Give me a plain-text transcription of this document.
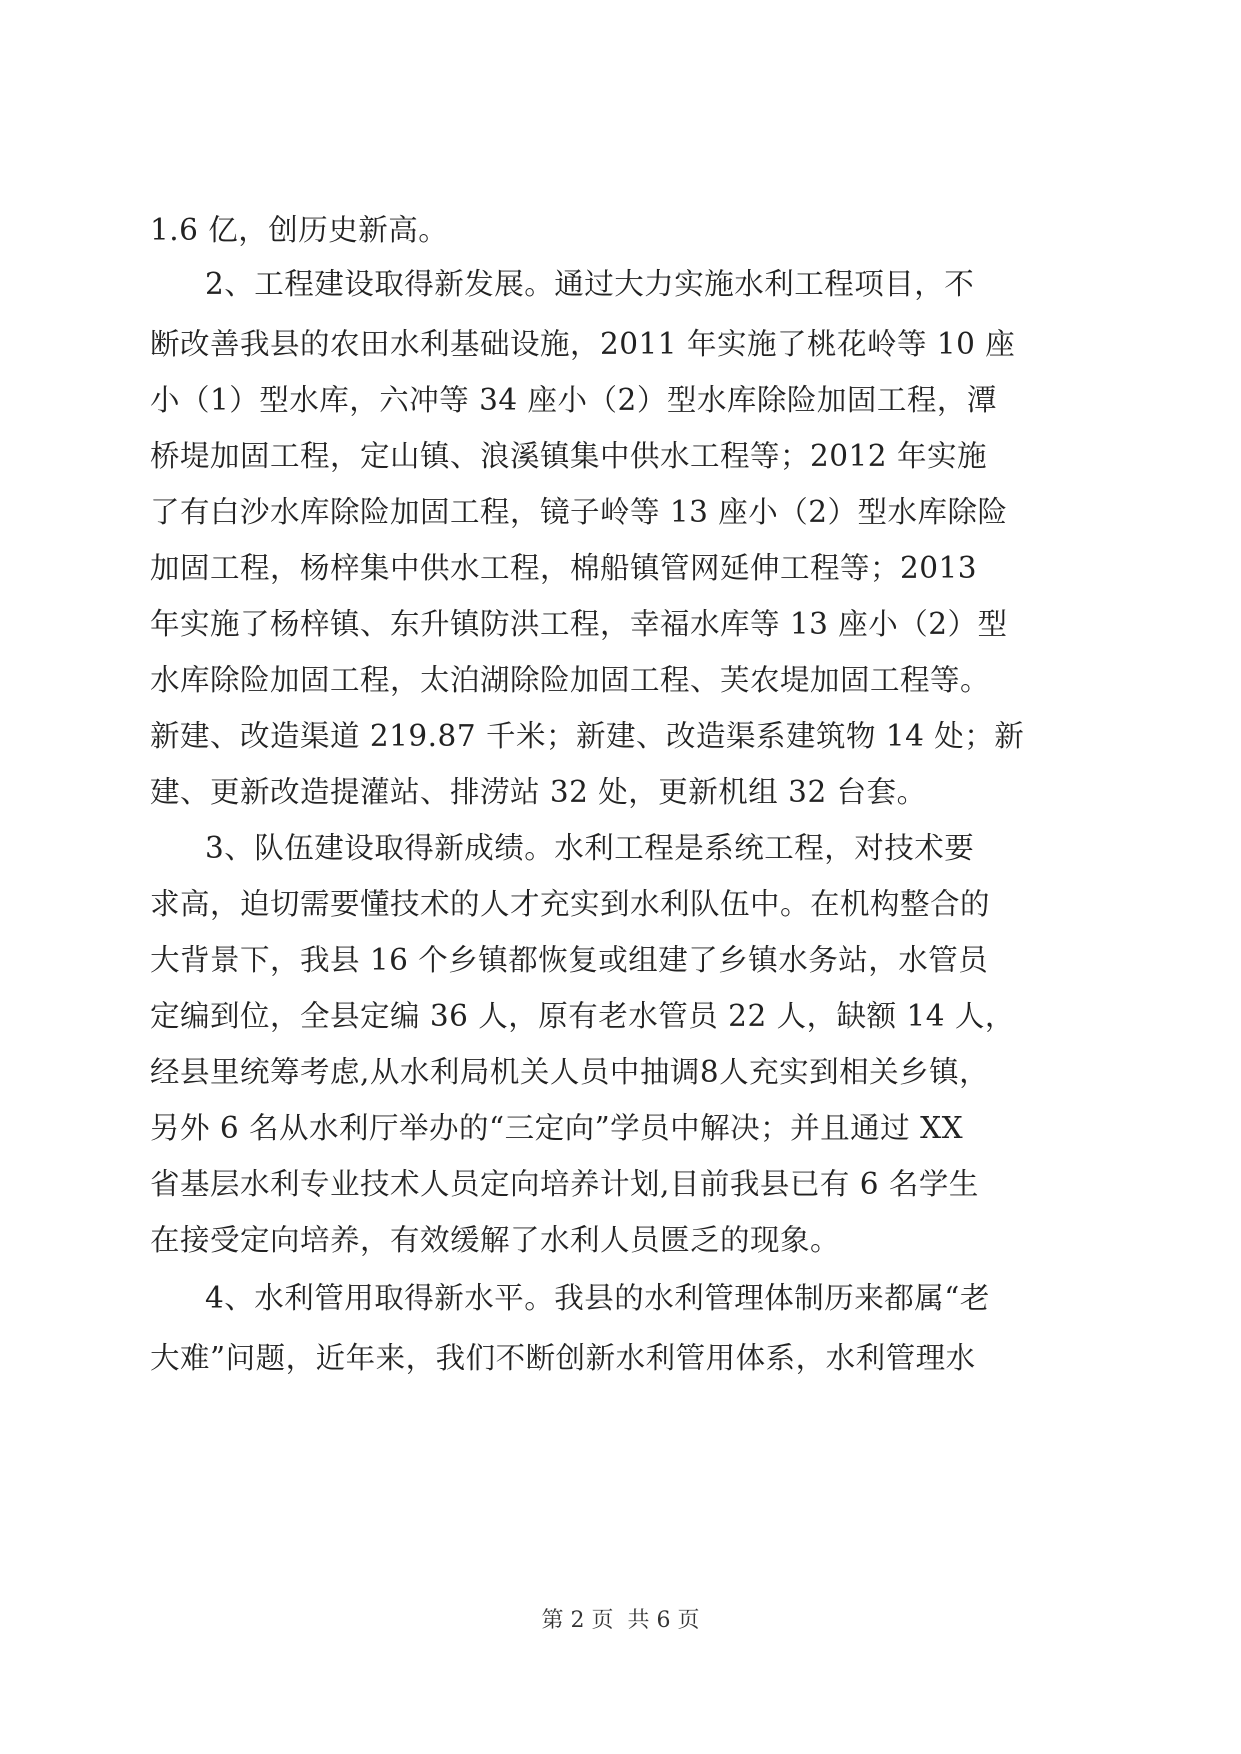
1.6 亿，创历史新高。
2、工程建设取得新发展。通过大力实施水利工程项目，不
断改善我县的农田水利基础设施，2011 年实施了桃花岭等 10 座
小（1）型水库，六冲等 34 座小（2）型水库除险加固工程，潭
桥堤加固工程，定山镇、浪溪镇集中供水工程等；2012 年实施
了有白沙水库除险加固工程，镜子岭等 13 座小（2）型水库除险
加固工程，杨梓集中供水工程，棉船镇管网延伸工程等；2013
年实施了杨梓镇、东升镇防洪工程，幸福水库等 13 座小（2）型
水库除险加固工程，太泊湖除险加固工程、芙农堤加固工程等。
新建、改造渠道 219.87 千米；新建、改造渠系建筑物 14 处；新
建、更新改造提灌站、排涝站 32 处，更新机组 32 台套。
3、队伍建设取得新成绩。水利工程是系统工程，对技术要
求高，迫切需要懂技术的人才充实到水利队伍中。在机构整合的
大背景下，我县 16 个乡镇都恢复或组建了乡镇水务站，水管员
定编到位，全县定编 36 人，原有老水管员 22 人，缺额 14 人，
经县里统筹考虑,从水利局机关人员中抽调8人充实到相关乡镇，
另外 6 名从水利厅举办的“三定向”学员中解决；并且通过 XX
省基层水利专业技术人员定向培养计划,目前我县已有 6 名学生
在接受定向培养，有效缓解了水利人员匮乏的现象。
4、水利管用取得新水平。我县的水利管理体制历来都属“老
大难”问题，近年来，我们不断创新水利管用体系，水利管理水
第 2 页  共 6 页
